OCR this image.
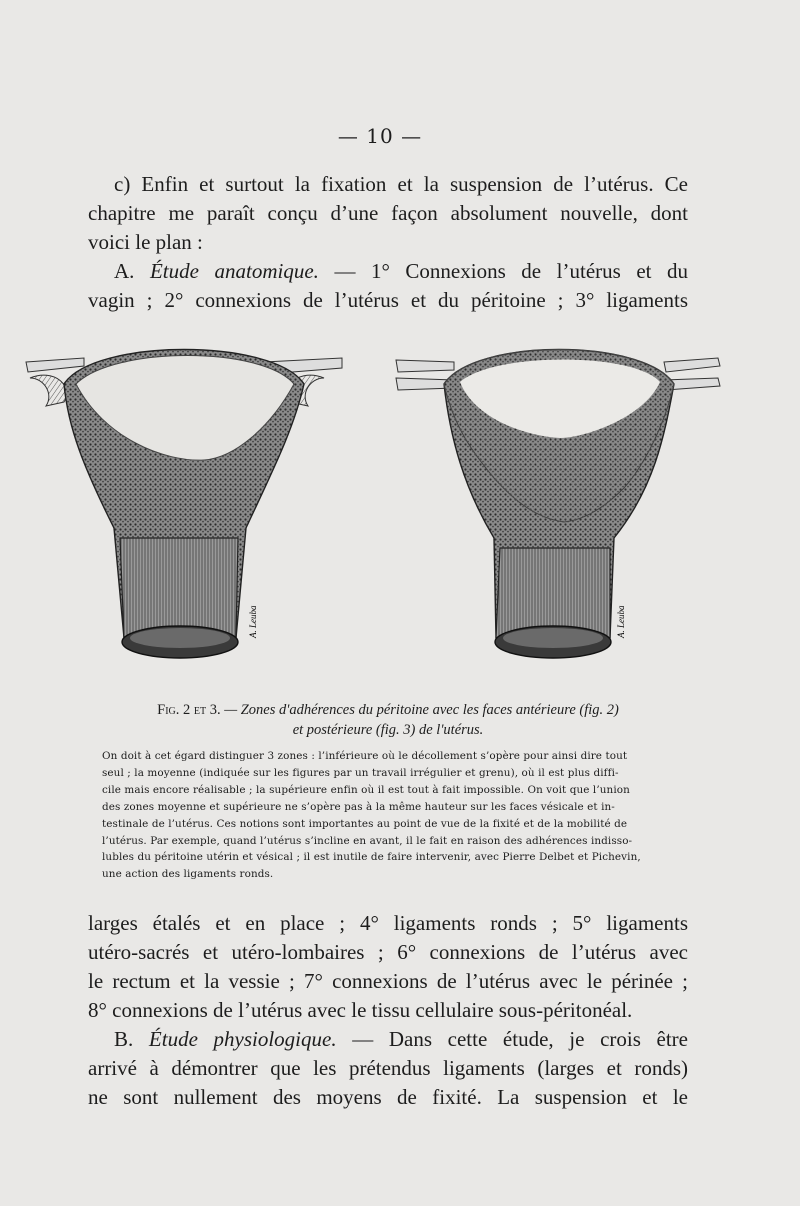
— 10 —

c) Enfin et surtout la fixation et la suspension de l’utérus. Ce

chapitre me paraît conçu d’une façon absolument nouvelle, dont

voici le plan :

A. Étude anatomique. — 1° Connexions de l’utérus et du

vagin ; 2° connexions de l’utérus et du péritoine ; 3° ligaments

A. Leuba	A. Leuba
Fig. 2 et 3. — Zones d'adhérences du péritoine avec les faces antérieure (fig. 2)
et postérieure (fig. 3) de l'utérus.

On doit à cet égard distinguer 3 zones : l’inférieure où le décollement s’opère pour ainsi dire tout

seul ; la moyenne (indiquée sur les figures par un travail irrégulier et grenu), où il est plus diffi-

cile mais encore réalisable ; la supérieure enfin où il est tout à fait impossible. On voit que l’union

des zones moyenne et supérieure ne s’opère pas à la même hauteur sur les faces vésicale et in-

testinale de l’utérus. Ces notions sont importantes au point de vue de la fixité et de la mobilité de

l’utérus. Par exemple, quand l’utérus s’incline en avant, il le fait en raison des adhérences indisso-

lubles du péritoine utérin et vésical ; il est inutile de faire intervenir, avec Pierre Delbet et Pichevin,

une action des ligaments ronds.

larges étalés et en place ; 4° ligaments ronds ; 5° ligaments

utéro-sacrés et utéro-lombaires ; 6° connexions de l’utérus avec

le rectum et la vessie ; 7° connexions de l’utérus avec le périnée ;

8° connexions de l’utérus avec le tissu cellulaire sous-péritonéal.

B. Étude physiologique. — Dans cette étude, je crois être

arrivé à démontrer que les prétendus ligaments (larges et ronds)

ne sont nullement des moyens de fixité. La suspension et le
